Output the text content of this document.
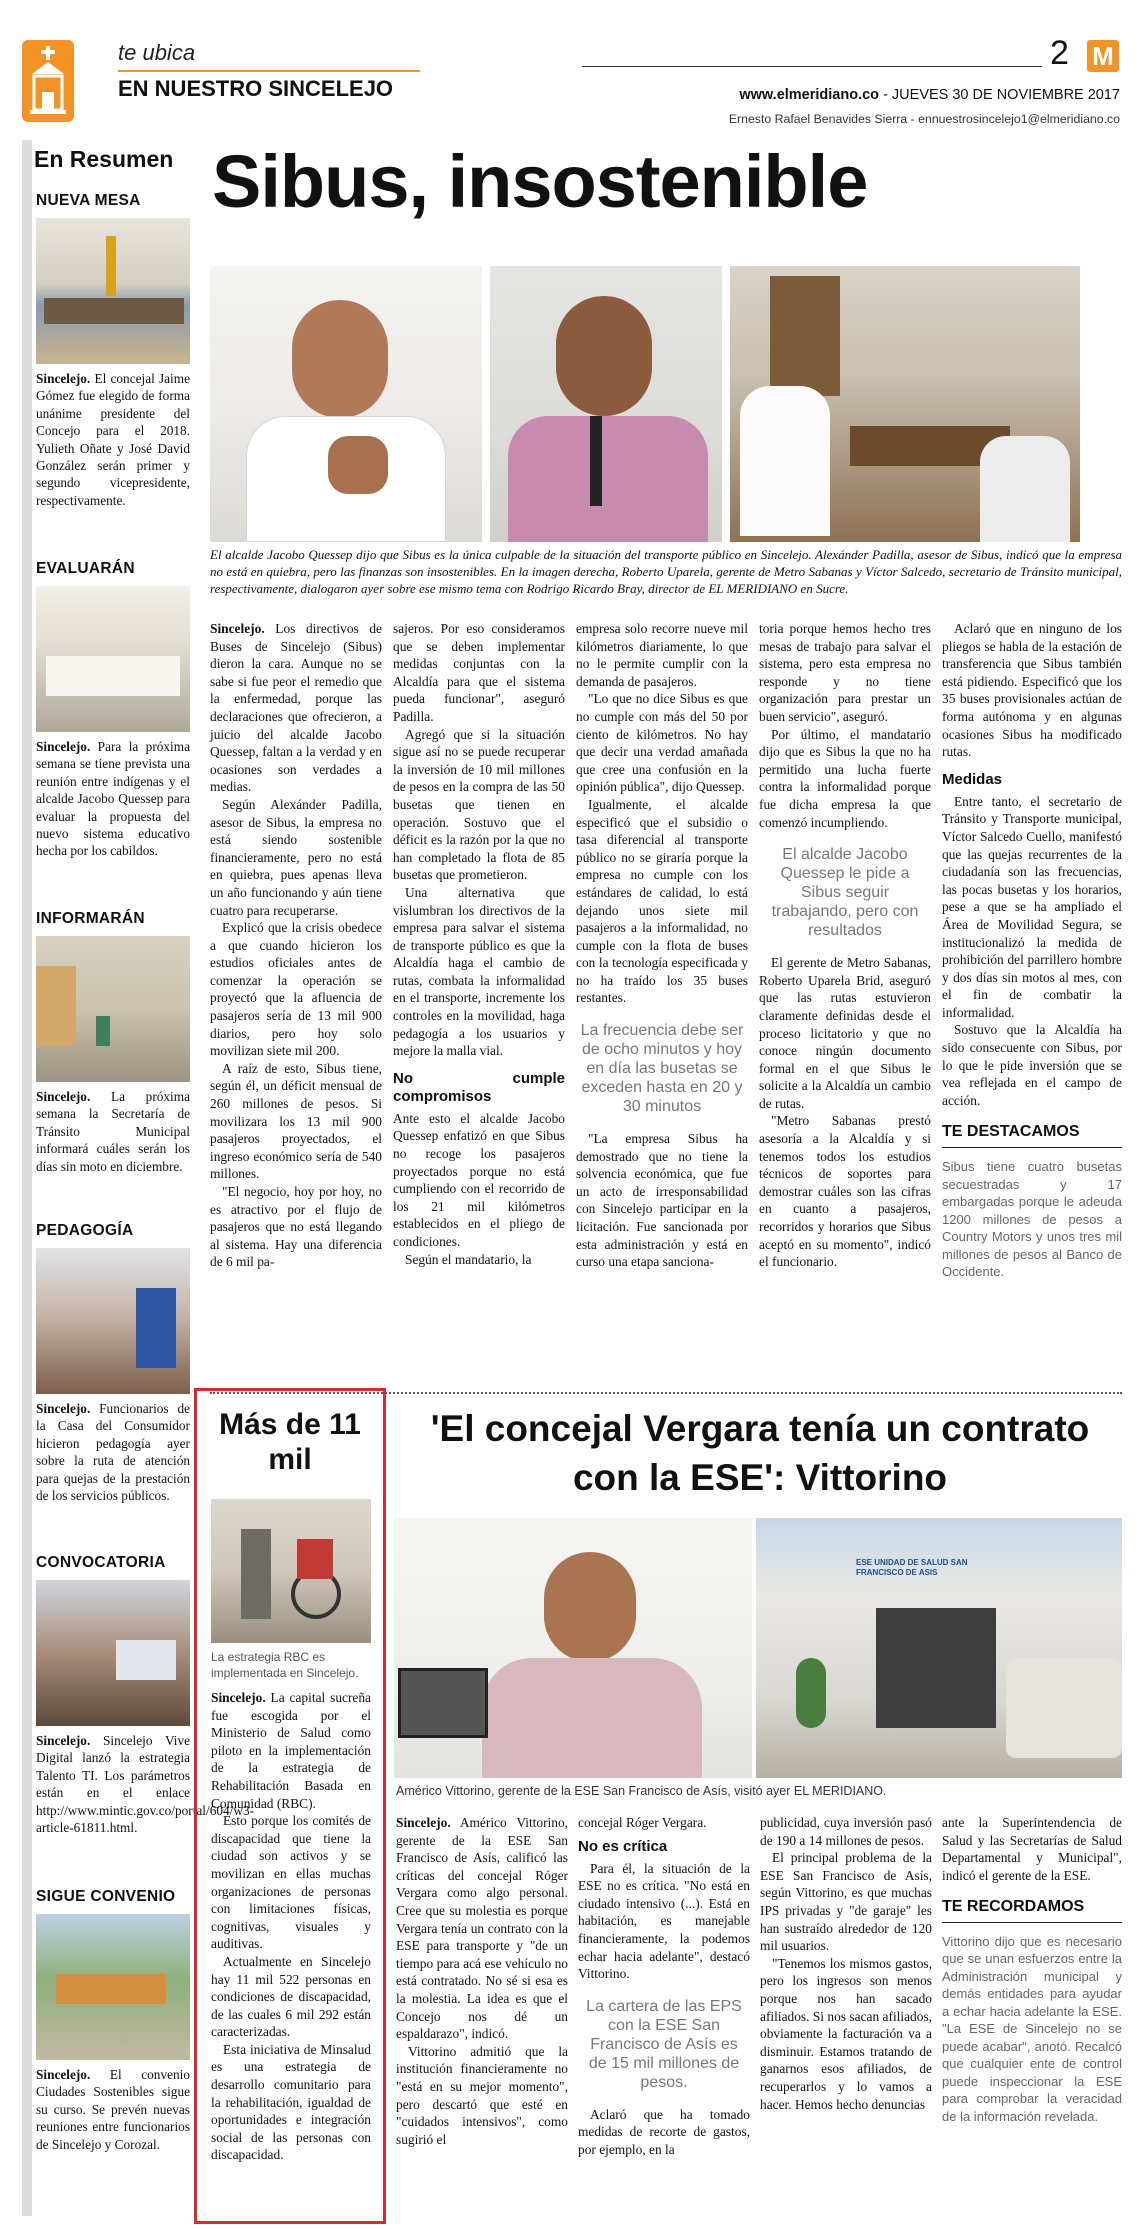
te ubica
EN NUESTRO SINCELEJO
2 M
www.elmeridiano.co - JUEVES 30 DE NOVIEMBRE 2017
Ernesto Rafael Benavides Sierra - ennuestrosincelejo1@elmeridiano.co
En Resumen
NUEVA MESA
Sincelejo. El concejal Jaime Gómez fue elegido de forma unánime presidente del Concejo para el 2018. Yulieth Oñate y José David González serán primer y segundo vicepresidente, respectivamente.
EVALUARÁN
Sincelejo. Para la próxima semana se tiene prevista una reunión entre indígenas y el alcalde Jacobo Quessep para evaluar la propuesta del nuevo sistema educativo hecha por los cabildos.
INFORMARÁN
Sincelejo. La próxima semana la Secretaría de Tránsito Municipal informará cuáles serán los días sin moto en diciembre.
PEDAGOGÍA
Sincelejo. Funcionarios de la Casa del Consumidor hicieron pedagogía ayer sobre la ruta de atención para quejas de la prestación de los servicios públicos.
CONVOCATORIA
Sincelejo. Sincelejo Vive Digital lanzó la estrategia Talento TI. Los parámetros están en el enlace http://www.mintic.gov.co/portal/604/w3-article-61811.html.
SIGUE CONVENIO
Sincelejo. El convenio Ciudades Sostenibles sigue su curso. Se prevén nuevas reuniones entre funcionarios de Sincelejo y Corozal.
Sibus, insostenible
El alcalde Jacobo Quessep dijo que Sibus es la única culpable de la situación del transporte público en Sincelejo. Alexánder Padilla, asesor de Sibus, indicó que la empresa no está en quiebra, pero las finanzas son insostenibles. En la imagen derecha, Roberto Uparela, gerente de Metro Sabanas y Víctor Salcedo, secretario de Tránsito municipal, respectivamente, dialogaron ayer sobre ese mismo tema con Rodrigo Ricardo Bray, director de EL MERIDIANO en Sucre.

Sincelejo. Los directivos de Buses de Sincelejo (Sibus) dieron la cara. Aunque no se sabe si fue peor el remedio que la enfermedad, porque las declaraciones que ofrecieron, a juicio del alcalde Jacobo Quessep, faltan a la verdad y en ocasiones son verdades a medias.

Según Alexánder Padilla, asesor de Sibus, la empresa no está siendo sostenible financieramente, pero no está en quiebra, pues apenas lleva un año funcionando y aún tiene cuatro para recuperarse.

Explicó que la crisis obedece a que cuando hicieron los estudios oficiales antes de comenzar la operación se proyectó que la afluencia de pasajeros sería de 13 mil 900 diarios, pero hoy solo movilizan siete mil 200.

A raíz de esto, Sibus tiene, según él, un déficit mensual de 260 millones de pesos. Si movilizara los 13 mil 900 pasajeros proyectados, el ingreso económico sería de 540 millones.

"El negocio, hoy por hoy, no es atractivo por el flujo de pasajeros que no está llegando al sistema. Hay una diferencia de 6 mil pa-

sajeros. Por eso consideramos que se deben implementar medidas conjuntas con la Alcaldía para que el sistema pueda funcionar", aseguró Padilla.

Agregó que si la situación sigue así no se puede recuperar la inversión de 10 mil millones de pesos en la compra de las 50 busetas que tienen en operación. Sostuvo que el déficit es la razón por la que no han completado la flota de 85 busetas que prometieron.

Una alternativa que vislumbran los directivos de la empresa para salvar el sistema de transporte público es que la Alcaldía haga el cambio de rutas, combata la informalidad en el transporte, incremente los controles en la movilidad, haga pedagogía a los usuarios y mejore la malla vial.

No cumple compromisos

Ante esto el alcalde Jacobo Quessep enfatizó en que Sibus no recoge los pasajeros proyectados porque no está cumpliendo con el recorrido de los 21 mil kilómetros establecidos en el pliego de condiciones.

Según el mandatario, la

empresa solo recorre nueve mil kilómetros diariamente, lo que no le permite cumplir con la demanda de pasajeros.

"Lo que no dice Sibus es que no cumple con más del 50 por ciento de kilómetros. No hay que decir una verdad amañada que cree una confusión en la opinión pública", dijo Quessep.

Igualmente, el alcalde especificó que el subsidio o tasa diferencial al transporte público no se giraría porque la empresa no cumple con los estándares de calidad, lo está dejando unos siete mil pasajeros a la informalidad, no cumple con la flota de buses con la tecnología especificada y no ha traído los 35 buses restantes.

La frecuencia debe ser de ocho minutos y hoy en día las busetas se exceden hasta en 20 y 30 minutos

"La empresa Sibus ha demostrado que no tiene la solvencia económica, que fue un acto de irresponsabilidad con Sincelejo participar en la licitación. Fue sancionada por esta administración y está en curso una etapa sanciona-

toria porque hemos hecho tres mesas de trabajo para salvar el sistema, pero esta empresa no responde y no tiene organización para prestar un buen servicio", aseguró.

Por último, el mandatario dijo que es Sibus la que no ha permitido una lucha fuerte contra la informalidad porque fue dicha empresa la que comenzó incumpliendo.

El alcalde Jacobo Quessep le pide a Sibus seguir trabajando, pero con resultados

El gerente de Metro Sabanas, Roberto Uparela Brid, aseguró que las rutas estuvieron claramente definidas desde el proceso licitatorio y que no conoce ningún documento formal en el que Sibus le solicite a la Alcaldía un cambio de rutas.

"Metro Sabanas prestó asesoría a la Alcaldía y si tenemos todos los estudios técnicos de soportes para demostrar cuáles son las cifras en cuanto a pasajeros, recorridos y horarios que Sibus aceptó en su momento", indicó el funcionario.

Aclaró que en ninguno de los pliegos se habla de la estación de transferencia que Sibus también está pidiendo. Especificó que los 35 buses provisionales actúan de forma autónoma y en algunas ocasiones Sibus ha modificado rutas.

Medidas

Entre tanto, el secretario de Tránsito y Transporte municipal, Víctor Salcedo Cuello, manifestó que las quejas recurrentes de la ciudadanía son las frecuencias, las pocas busetas y los horarios, pese a que se ha ampliado el Área de Movilidad Segura, se institucionalizó la medida de prohibición del parrillero hombre y dos días sin motos al mes, con el fin de combatir la informalidad.

Sostuvo que la Alcaldía ha sido consecuente con Sibus, por lo que le pide inversión que se vea reflejada en el campo de acción.

TE DESTACAMOS
Sibus tiene cuatro busetas secuestradas y 17 embargadas porque le adeuda 1200 millones de pesos a Country Motors y unos tres mil millones de pesos al Banco de Occidente.
Más de 11 mil
La estrategia RBC es implementada en Sincelejo.

Sincelejo. La capital sucreña fue escogida por el Ministerio de Salud como piloto en la implementación de la estrategia de Rehabilitación Basada en Comunidad (RBC).

Esto porque los comités de discapacidad que tiene la ciudad son activos y se movilizan en ellas muchas organizaciones de personas con limitaciones físicas, cognitivas, visuales y auditivas.

Actualmente en Sincelejo hay 11 mil 522 personas en condiciones de discapacidad, de las cuales 6 mil 292 están caracterizadas.

Esta iniciativa de Minsalud es una estrategia de desarrollo comunitario para la rehabilitación, igualdad de oportunidades e integración social de las personas con discapacidad.

'El concejal Vergara tenía un contrato con la ESE': Vittorino
ESE UNIDAD DE SALUD SAN FRANCISCO DE ASIS
Américo Vittorino, gerente de la ESE San Francisco de Asís, visitó ayer EL MERIDIANO.

Sincelejo. Américo Vittorino, gerente de la ESE San Francisco de Asís, calificó las críticas del concejal Róger Vergara como algo personal. Cree que su molestia es porque Vergara tenía un contrato con la ESE para transporte y "de un tiempo para acá ese vehículo no está contratado. No sé si esa es la molestia. La idea es que el Concejo nos dé un espaldarazo", indicó.

Vittorino admitió que la institución financieramente no "está en su mejor momento", pero descartó que esté en "cuidados intensivos", como sugirió el

concejal Róger Vergara.

No es crítica

Para él, la situación de la ESE no es crítica. "No está en ciudado intensivo (...). Está en habitación, es manejable financieramente, la podemos echar hacia adelante", destacó Vittorino.

La cartera de las EPS con la ESE San Francisco de Asís es de 15 mil millones de pesos.

Aclaró que ha tomado medidas de recorte de gastos, por ejemplo, en la

publicidad, cuya inversión pasó de 190 a 14 millones de pesos.

El principal problema de la ESE San Francisco de Asís, según Vittorino, es que muchas IPS privadas y "de garaje" les han sustraído alrededor de 120 mil usuarios.

"Tenemos los mismos gastos, pero los ingresos son menos porque nos han sacado afiliados. Si nos sacan afiliados, obviamente la facturación va a disminuir. Estamos tratando de ganarnos esos afiliados, de recuperarlos y lo vamos a hacer. Hemos hecho denuncias

ante la Superintendencia de Salud y las Secretarías de Salud Departamental y Municipal", indicó el gerente de la ESE.

TE RECORDAMOS
Vittorino dijo que es necesario que se unan esfuerzos entre la Administración municipal y demás entidades para ayudar a echar hacia adelante la ESE. "La ESE de Sincelejo no se puede acabar", anotó. Recalcó que cualquier ente de control puede inspeccionar la ESE para comprobar la veracidad de la información revelada.
